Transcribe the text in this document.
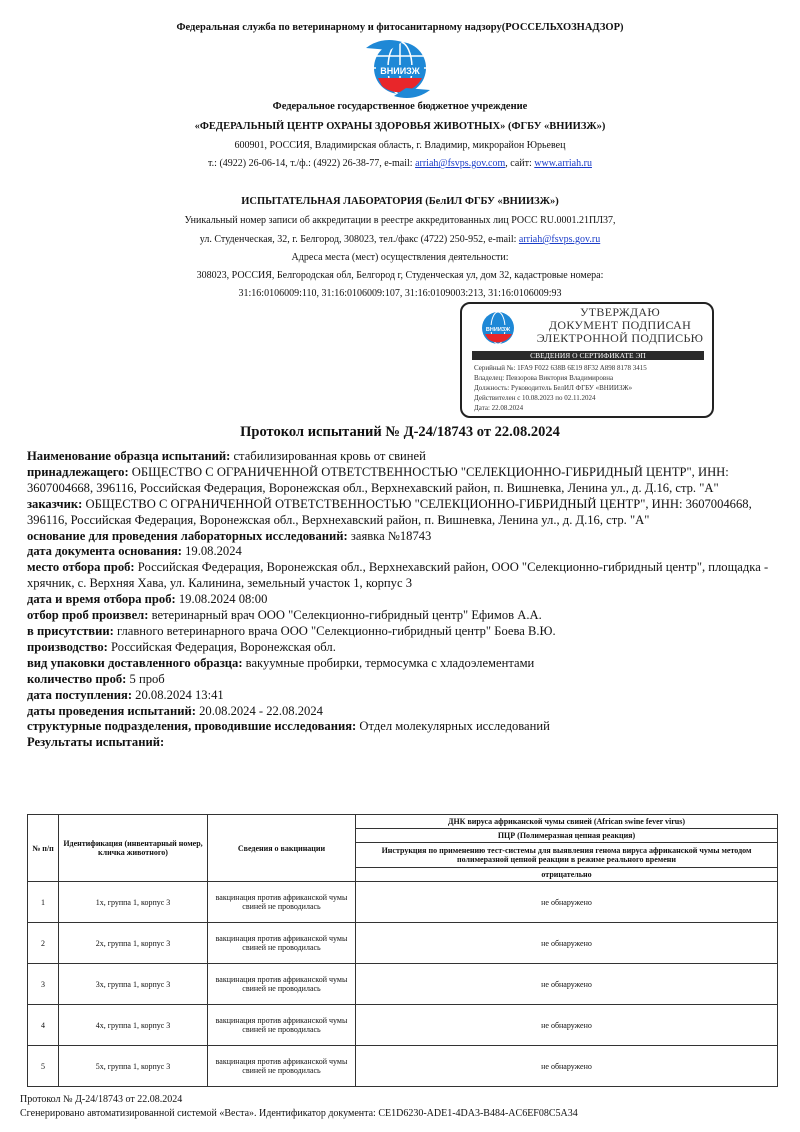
Федеральная служба по ветеринарному и фитосанитарному надзору(РОССЕЛЬХОЗНАДЗОР)
ВНИИЗЖ
Федеральное государственное бюджетное учреждение
«ФЕДЕРАЛЬНЫЙ ЦЕНТР ОХРАНЫ ЗДОРОВЬЯ ЖИВОТНЫХ» (ФГБУ «ВНИИЗЖ»)
600901, РОССИЯ, Владимирская область, г. Владимир, микрорайон Юрьевец
т.: (4922) 26-06-14, т./ф.: (4922) 26-38-77, e-mail: arriah@fsvps.gov.com, сайт: www.arriah.ru
ИСПЫТАТЕЛЬНАЯ ЛАБОРАТОРИЯ (БелИЛ ФГБУ «ВНИИЗЖ»)
Уникальный номер записи об аккредитации в реестре аккредитованных лиц РОСС RU.0001.21ПЛ37,
ул. Студенческая, 32, г. Белгород, 308023, тел./факс (4722) 250-952, e-mail: arriah@fsvps.gov.ru
Адреса места (мест) осуществления деятельности:
308023, РОССИЯ, Белгородская обл, Белгород г, Студенческая ул, дом 32, кадастровые номера:
31:16:0106009:110, 31:16:0106009:107, 31:16:0109003:213, 31:16:0106009:93
ВНИИЗЖ
УТВЕРЖДАЮ
ДОКУМЕНТ ПОДПИСАН
ЭЛЕКТРОННОЙ ПОДПИСЬЮ
СВЕДЕНИЯ О СЕРТИФИКАТЕ ЭП
Серийный №: 1FA9 F022 638B 6E19 8F32 A898 8178 3415
Владелец: Певзорова Виктория Владимировна
Должность: Руководитель БелИЛ ФГБУ «ВНИИЗЖ»
Действителен с 10.08.2023 по 02.11.2024
Дата: 22.08.2024
Протокол испытаний № Д-24/18743 от 22.08.2024

Наименование образца испытаний: стабилизированная кровь от свиней

принадлежащего: ОБЩЕСТВО С ОГРАНИЧЕННОЙ ОТВЕТСТВЕННОСТЬЮ "СЕЛЕКЦИОННО-ГИБРИДНЫЙ ЦЕНТР", ИНН: 3607004668, 396116, Российская Федерация, Воронежская обл., Верхнехавский район, п. Вишневка, Ленина ул., д. Д.16, стр. "А"

заказчик: ОБЩЕСТВО С ОГРАНИЧЕННОЙ ОТВЕТСТВЕННОСТЬЮ "СЕЛЕКЦИОННО-ГИБРИДНЫЙ ЦЕНТР", ИНН: 3607004668, 396116, Российская Федерация, Воронежская обл., Верхнехавский район, п. Вишневка, Ленина ул., д. Д.16, стр. "А"

основание для проведения лабораторных исследований: заявка №18743

дата документа основания: 19.08.2024

место отбора проб: Российская Федерация, Воронежская обл., Верхнехавский район, ООО "Селекционно-гибридный центр", площадка - хрячник, с. Верхняя Хава, ул. Калинина, земельный участок 1, корпус 3

дата и время отбора проб: 19.08.2024 08:00

отбор проб произвел: ветеринарный врач ООО "Селекционно-гибридный центр" Ефимов А.А.

в присутствии: главного ветеринарного врача ООО "Селекционно-гибридный центр" Боева В.Ю.

производство: Российская Федерация, Воронежская обл.

вид упаковки доставленного образца: вакуумные пробирки, термосумка с хладоэлементами

количество проб: 5 проб

дата поступления: 20.08.2024 13:41

даты проведения испытаний: 20.08.2024 - 22.08.2024

структурные подразделения, проводившие исследования: Отдел молекулярных исследований

Результаты испытаний:

№ п/п	Идентификация (инвентарный номер, кличка животного)	Сведения о вакцинации	ДНК вируса африканской чумы свиней (African swine fever virus)
			ПЦР (Полимеразная цепная реакция)
			Инструкция по применению тест-системы для выявления генома вируса африканской чумы методом полимеразной цепной реакции в режиме реального времени
			отрицательно
1	1х, группа 1, корпус 3	вакцинация против африканской чумы свиней не проводилась	не обнаружено
2	2х, группа 1, корпус 3	вакцинация против африканской чумы свиней не проводилась	не обнаружено
3	3х, группа 1, корпус 3	вакцинация против африканской чумы свиней не проводилась	не обнаружено
4	4х, группа 1, корпус 3	вакцинация против африканской чумы свиней не проводилась	не обнаружено
5	5х, группа 1, корпус 3	вакцинация против африканской чумы свиней не проводилась	не обнаружено
Протокол № Д-24/18743 от 22.08.2024
Сгенерировано автоматизированной системой «Веста». Идентификатор документа: CE1D6230-ADE1-4DA3-B484-AC6EF08C5A34
